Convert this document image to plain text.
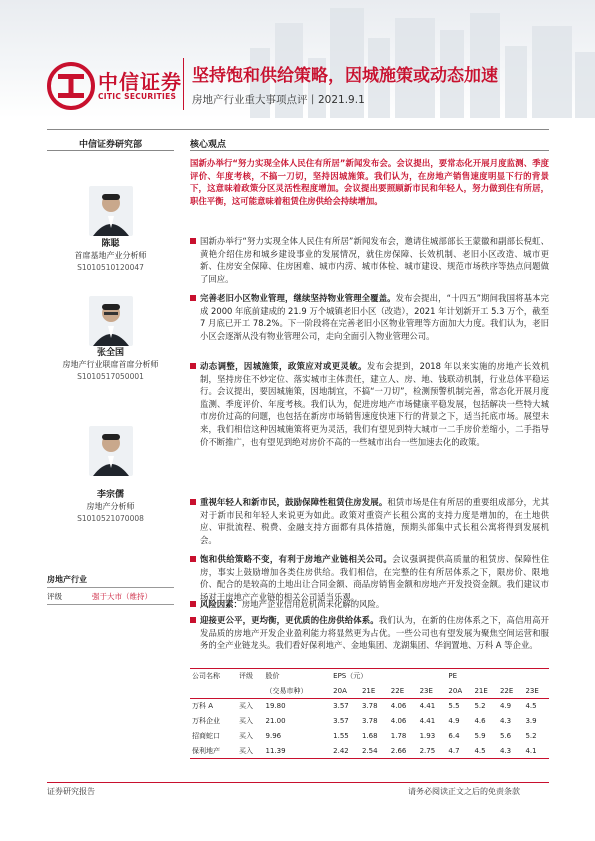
中信证券
CITIC SECURITIES
坚持饱和供给策略，因城施策或动态加速
房地产行业重大事项点评丨2021.9.1
中信证券研究部	核心观点
陈聪
首席基地产业分析师
S1010510120047
张全国
房地产行业联席首席分析师
S1010517050001
李宗儒
房地产分析师
S1010521070008
房地产行业
评级	强于大市（维持）
国新办举行“努力实现全体人民住有所居”新闻发布会。会议提出，要常态化开展月度监测、季度评价、年度考核，不搞一刀切，坚持因城施策。我们认为，在房地产销售速度明显下行的背景下，这意味着政策分区灵活性程度增加。会议提出要照顾新市民和年轻人，努力做到住有所居，职住平衡，这可能意味着租赁住房供给会持续增加。
国新办举行“努力实现全体人民住有所居”新闻发布会，邀请住城部部长王蒙徽和副部长倪虹、黄艳介绍住房和城乡建设事业的发展情况，就住房保障、长效机制、老旧小区改造、城市更新、住房安全保障、住房困难、城市内涝、城市体检、城市建设、规范市场秩序等热点问题做了回应。
完善老旧小区物业管理，继续坚持物业管理全覆盖。发布会提出，“十四五”期间我国将基本完成 2000 年底前建成的 21.9 万个城镇老旧小区（改造），2021 年计划新开工 5.3 万个，截至 7 月底已开工 78.2%。下一阶段将在完善老旧小区物业管理等方面加大力度。我们认为，老旧小区会逐渐从没有物业管理公司，走向全面引入物业管理公司。
动态调整，因城施策，政策应对或更灵敏。发布会提到，2018 年以来实施的房地产长效机制，坚持房住不炒定位、落实城市主体责任，建立人、房、地、钱联动机制，行业总体平稳运行。会议提出，要因城施策，因地制宜，不搞“一刀切”，检测预警机制完善，常态化开展月度监测、季度评价、年度考核。我们认为，促进房地产市场健康平稳发展，包括解决一些特大城市房价过高的问题，也包括在新房市场销售速度快速下行的背景之下，适当托底市场。展望未来，我们相信这种因城施策将更为灵活，我们有望见到特大城市一二手房价差缩小，二手指导价不断推广，也有望见到绝对房价不高的一些城市出台一些加速去化的政策。
重视年轻人和新市民，鼓励保障性租赁住房发展。租赁市场是住有所居的重要组成部分，尤其对于新市民和年轻人来说更为如此。政策对重资产长租公寓的支持力度是增加的，在土地供应、审批流程、税费、金融支持方面都有具体措施，预期头部集中式长租公寓将得到发展机会。
饱和供给策略不变，有利于房地产业链相关公司。会议强调提供高质量的租赁房、保障性住房，事实上鼓励增加各类住房供给。我们相信，在完整的住有所居体系之下，限房价、限地价、配合的是较高的土地出让合同金额、商品房销售金额和房地产开发投资金额。我们建议市场对于房地产产业链的相关公司适当乐观。
风险因素：房地产企业信用危机尚未化解的风险。
迎接更公平，更均衡，更优质的住房供给体系。我们认为，在新的住房体系之下，高信用高开发品质的房地产开发企业盈利能力将显然更为占优。一些公司也有望发展为聚焦空间运营和服务的全产业链龙头。我们看好保利地产、金地集团、龙湖集团、华润置地、万科 A 等企业。
公司名称	评级	股价	EPS（元）				PE			
		（交易市种）	20A	21E	22E	23E	20A	21E	22E	23E
万科 A	买入	19.80	3.57	3.78	4.06	4.41	5.5	5.2	4.9	4.5
万科企业	买入	21.00	3.57	3.78	4.06	4.41	4.9	4.6	4.3	3.9
招商蛇口	买入	9.96	1.55	1.68	1.78	1.93	6.4	5.9	5.6	5.2
保利地产	买入	11.39	2.42	2.54	2.66	2.75	4.7	4.5	4.3	4.1
证券研究报告	请务必阅读正文之后的免责条款
